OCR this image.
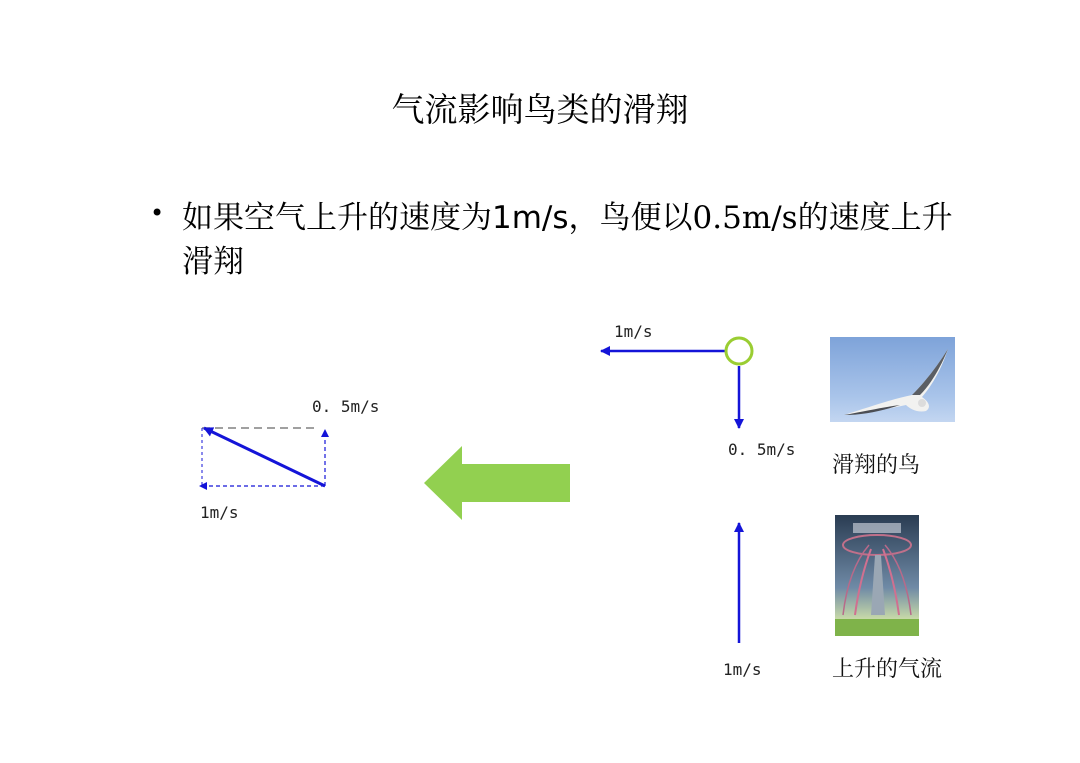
气流影响鸟类的滑翔
• 如果空气上升的速度为1m/s，鸟便以0.5m/s的速度上升滑翔
0. 5m/s
1m/s
1m/s
0. 5m/s
1m/s
滑翔的鸟
上升的气流
